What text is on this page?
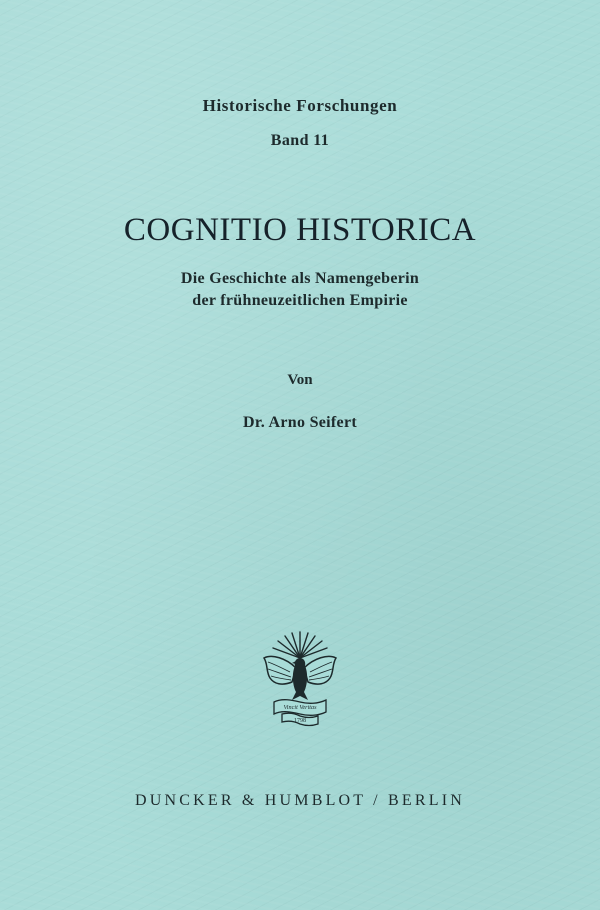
Historische Forschungen
Band 11
COGNITIO HISTORICA
Die Geschichte als Namengeberin
der frühneuzeitlichen Empirie
Von
Dr. Arno Seifert
Vincit Veritas
1798
DUNCKER & HUMBLOT / BERLIN
